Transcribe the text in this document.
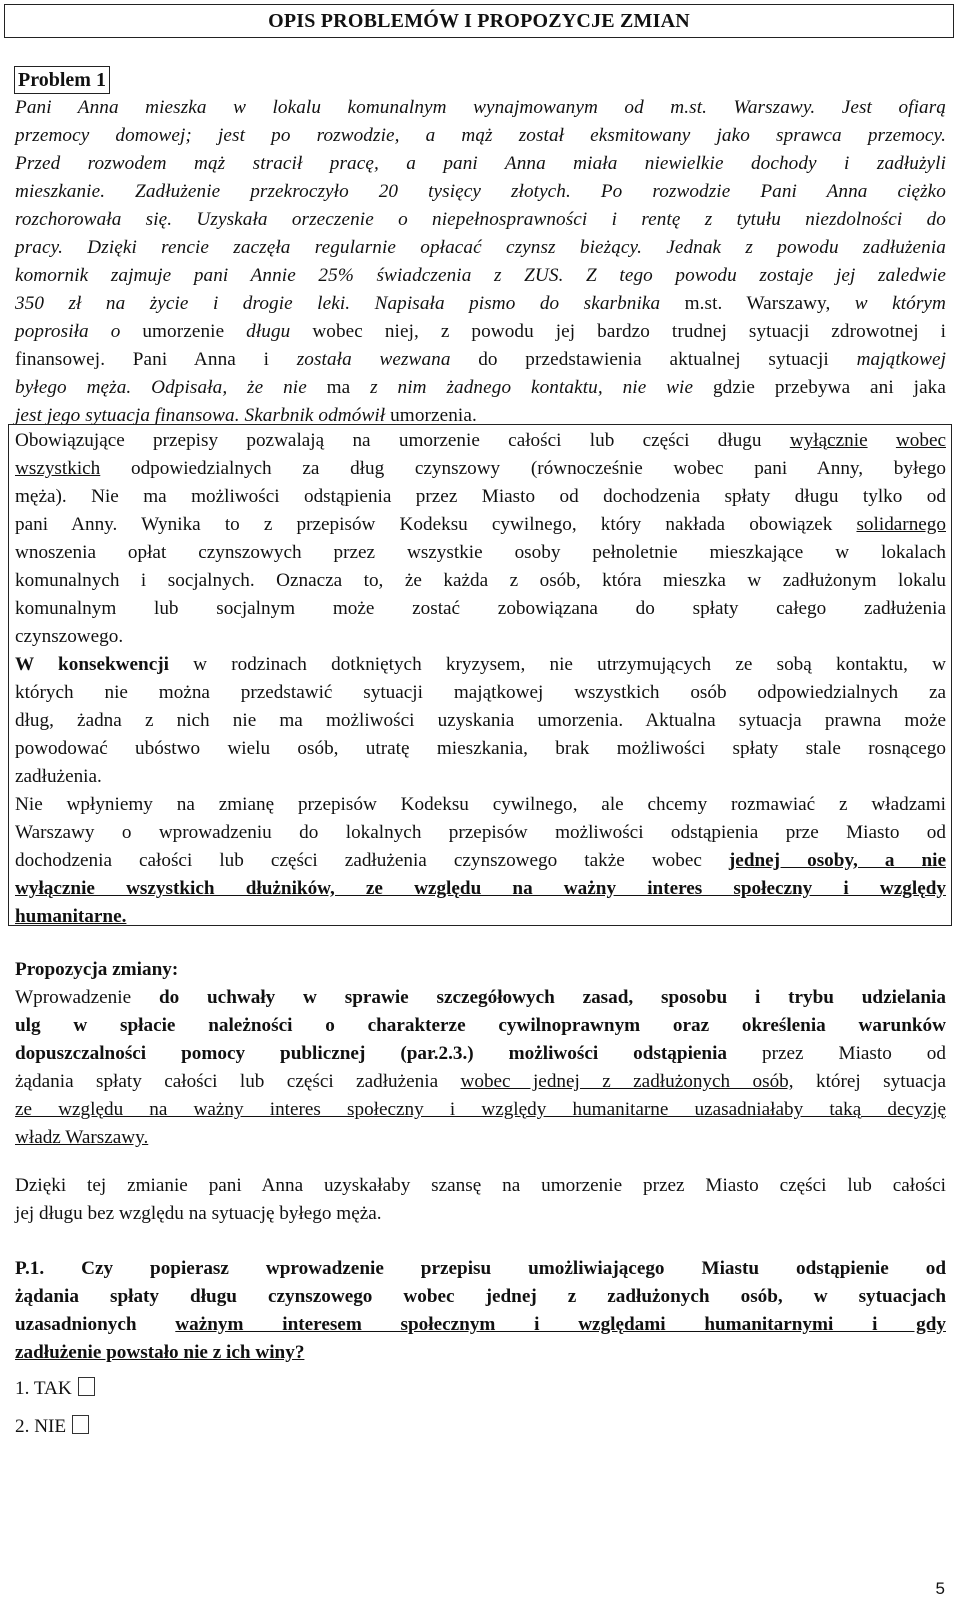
OPIS PROBLEMÓW I PROPOZYCJE ZMIAN
Problem 1
Pani Anna mieszka w lokalu komunalnym wynajmowanym od m.st. Warszawy. Jest ofiarą
przemocy domowej; jest po rozwodzie, a mąż został eksmitowany jako sprawca przemocy.
Przed rozwodem mąż stracił pracę, a pani Anna miała niewielkie dochody i zadłużyli
mieszkanie. Zadłużenie przekroczyło 20 tysięcy złotych. Po rozwodzie Pani Anna ciężko
rozchorowała się. Uzyskała orzeczenie o niepełnosprawności i rentę z tytułu niezdolności do
pracy. Dzięki rencie zaczęła regularnie opłacać czynsz bieżący. Jednak z powodu zadłużenia
komornik zajmuje pani Annie 25% świadczenia z ZUS. Z tego powodu zostaje jej zaledwie
350 zł na życie i drogie leki. Napisała pismo do skarbnika m.st. Warszawy, w którym
poprosiła o umorzenie długu wobec niej, z powodu jej bardzo trudnej sytuacji zdrowotnej i
finansowej. Pani Anna i została wezwana do przedstawienia aktualnej sytuacji majątkowej
byłego męża. Odpisała, że nie ma z nim żadnego kontaktu, nie wie gdzie przebywa ani jaka
jest jego sytuacja finansowa. Skarbnik odmówił umorzenia.
Obowiązujące przepisy pozwalają na umorzenie całości lub części długu wyłącznie wobec
wszystkich odpowiedzialnych za dług czynszowy (równocześnie wobec pani Anny, byłego
męża). Nie ma możliwości odstąpienia przez Miasto od dochodzenia spłaty długu tylko od
pani Anny. Wynika to z przepisów Kodeksu cywilnego, który nakłada obowiązek solidarnego
wnoszenia opłat czynszowych przez wszystkie osoby pełnoletnie mieszkające w lokalach
komunalnych i socjalnych. Oznacza to, że każda z osób, która mieszka w zadłużonym lokalu
komunalnym lub socjalnym może zostać zobowiązana do spłaty całego zadłużenia
czynszowego.
W konsekwencji w rodzinach dotkniętych kryzysem, nie utrzymujących ze sobą kontaktu, w
których nie można przedstawić sytuacji majątkowej wszystkich osób odpowiedzialnych za
dług, żadna z nich nie ma możliwości uzyskania umorzenia. Aktualna sytuacja prawna może
powodować ubóstwo wielu osób, utratę mieszkania, brak możliwości spłaty stale rosnącego
zadłużenia.
Nie wpłyniemy na zmianę przepisów Kodeksu cywilnego, ale chcemy rozmawiać z władzami
Warszawy o wprowadzeniu do lokalnych przepisów możliwości odstąpienia prze Miasto od
dochodzenia całości lub części zadłużenia czynszowego także wobec jednej osoby, a nie
wyłącznie wszystkich dłużników, ze względu na ważny interes społeczny i względy
humanitarne.
Propozycja zmiany:
Wprowadzenie do uchwały w sprawie szczegółowych zasad, sposobu i trybu udzielania
ulg w spłacie należności o charakterze cywilnoprawnym oraz określenia warunków
dopuszczalności pomocy publicznej (par.2.3.) możliwości odstąpienia przez Miasto od
żądania spłaty całości lub części zadłużenia wobec jednej z zadłużonych osób, której sytuacja
ze względu na ważny interes społeczny i względy humanitarne uzasadniałaby taką decyzję
władz Warszawy.
Dzięki tej zmianie pani Anna uzyskałaby szansę na umorzenie przez Miasto części lub całości
jej długu bez względu na sytuację byłego męża.
P.1. Czy popierasz wprowadzenie przepisu umożliwiającego Miastu odstąpienie od
żądania spłaty długu czynszowego wobec jednej z zadłużonych osób, w sytuacjach
uzasadnionych ważnym interesem społecznym i względami humanitarnymi i gdy
zadłużenie powstało nie z ich winy?
1. TAK
2. NIE
5
